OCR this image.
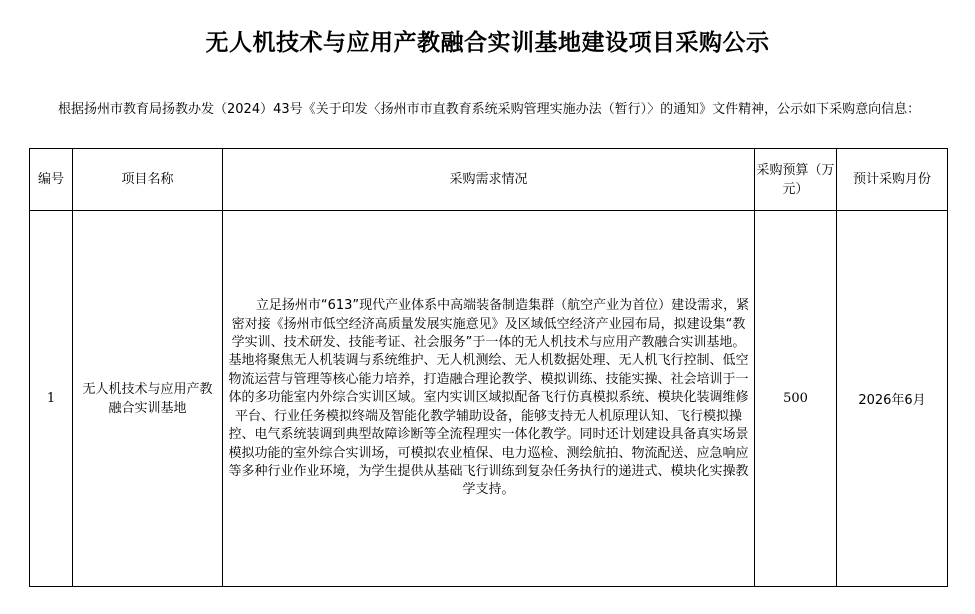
无人机技术与应用产教融合实训基地建设项目采购公示
根据扬州市教育局扬教办发（2024）43号《关于印发〈扬州市市直教育系统采购管理实施办法（暂行）〉的通知》文件精神，公示如下采购意向信息：
编号	项目名称	采购需求情况	采购预算（万元）	预计采购月份
1	无人机技术与应用产教融合实训基地	立足扬州市“613”现代产业体系中高端装备制造集群（航空产业为首位）建设需求，紧密对接《扬州市低空经济高质量发展实施意见》及区域低空经济产业园布局，拟建设集“教学实训、技术研发、技能考证、社会服务”于一体的无人机技术与应用产教融合实训基地。基地将聚焦无人机装调与系统维护、无人机测绘、无人机数据处理、无人机飞行控制、低空物流运营与管理等核心能力培养，打造融合理论教学、模拟训练、技能实操、社会培训于一体的多功能室内外综合实训区域。室内实训区域拟配备飞行仿真模拟系统、模块化装调维修平台、行业任务模拟终端及智能化教学辅助设备，能够支持无人机原理认知、飞行模拟操控、电气系统装调到典型故障诊断等全流程理实一体化教学。同时还计划建设具备真实场景模拟功能的室外综合实训场，可模拟农业植保、电力巡检、测绘航拍、物流配送、应急响应等多种行业作业环境，为学生提供从基础飞行训练到复杂任务执行的递进式、模块化实操教学支持。	500	2026年6月
